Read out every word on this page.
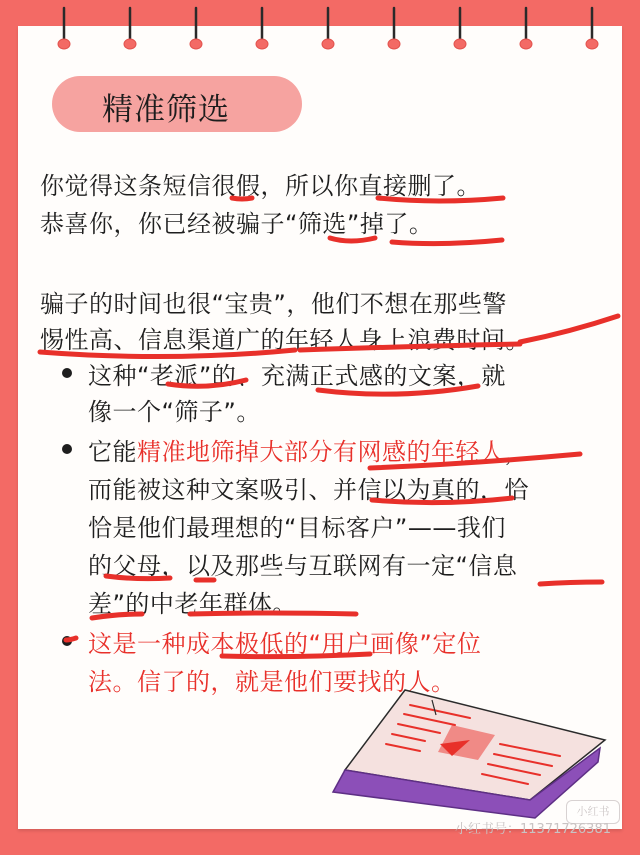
精准筛选
你觉得这条短信很假，所以你直接删了。
恭喜你，你已经被骗子“筛选”掉了。
骗子的时间也很“宝贵”，他们不想在那些警
惕性高、信息渠道广的年轻人身上浪费时间。
这种“老派”的、充满正式感的文案，就
像一个“筛子”。
它能精准地筛掉大部分有网感的年轻人，
而能被这种文案吸引、并信以为真的，恰
恰是他们最理想的“目标客户”——我们
的父母，以及那些与互联网有一定“信息
差”的中老年群体。
这是一种成本极低的“用户画像”定位
法。信了的，就是他们要找的人。
小红书
小红书号：11371726381
